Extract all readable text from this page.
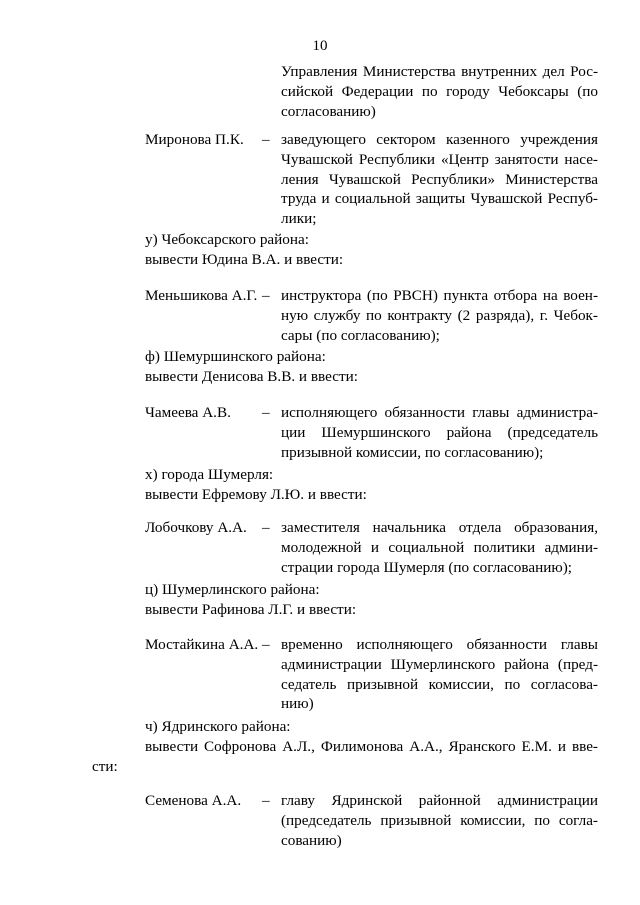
10
Управления Министерства внутренних дел Рос-
сийской Федерации по городу Чебоксары (по
согласованию)
Миронова П.К. – заведующего сектором казенного учреждения
Чувашской Республики «Центр занятости насе-
ления Чувашской Республики» Министерства
труда и социальной защиты Чувашской Респуб-
лики;
у) Чебоксарского района:
вывести Юдина В.А. и ввести:
Меньшикова А.Г. – инструктора (по РВСН) пункта отбора на воен-
ную службу по контракту (2 разряда), г. Чебок-
сары (по согласованию);
ф) Шемуршинского района:
вывести Денисова В.В. и ввести:
Чамеева А.В. – исполняющего обязанности главы администра-
ции Шемуршинского района (председатель
призывной комиссии, по согласованию);
х) города Шумерля:
вывести Ефремову Л.Ю. и ввести:
Лобочкову А.А. – заместителя начальника отдела образования,
молодежной и социальной политики админи-
страции города Шумерля (по согласованию);
ц) Шумерлинского района:
вывести Рафинова Л.Г. и ввести:
Мостайкина А.А. – временно исполняющего обязанности главы
администрации Шумерлинского района (пред-
седатель призывной комиссии, по согласова-
нию)
ч) Ядринского района:
вывести Софронова А.Л., Филимонова А.А., Яранского Е.М. и вве-
сти:
Семенова А.А. – главу Ядринской районной администрации
(председатель призывной комиссии, по согла-
сованию)
